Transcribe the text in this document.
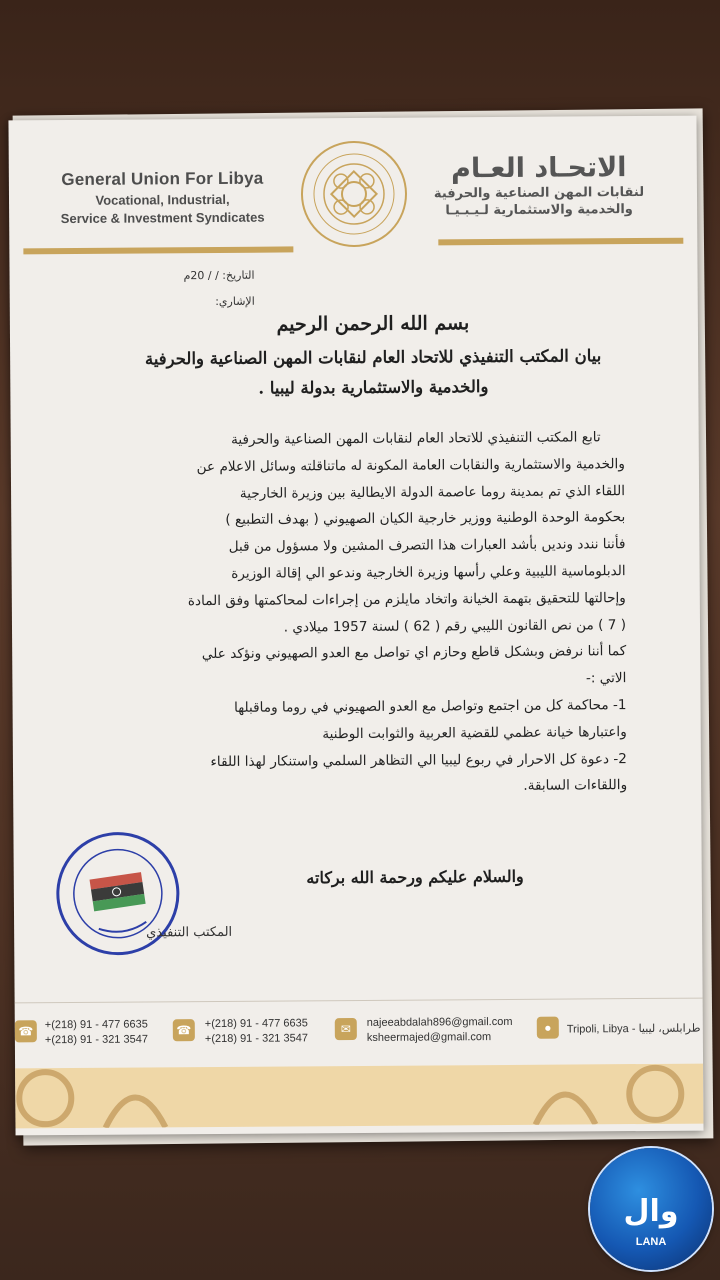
General Union For Libya
Vocational, Industrial,
Service & Investment Syndicates
الاتحـاد العـام
لنقابات المهن الصناعية والحرفية
والخدمية والاستثمارية لـيـبـيـا
التاريخ: / / 20م
الإشاري:
بسم الله الرحمن الرحيم
بيان المكتب التنفيذي للاتحاد العام لنقابات المهن الصناعية والحرفية
والخدمية والاستثمارية بدولة ليبيا .
تابع المكتب التنفيذي للاتحاد العام لنقابات المهن الصناعية والحرفية
والخدمية والاستثمارية والنقابات العامة المكونة له ماتناقلته وسائل الاعلام عن
اللقاء الذي تم بمدينة روما عاصمة الدولة الايطالية بين وزيرة الخارجية
بحكومة الوحدة الوطنية ووزير خارجية الكيان الصهيوني ( بهدف التطبيع )
فأننا نندد ونديں بأشد العبارات هذا التصرف المشين ولا مسؤول من قبل
الدبلوماسية الليبية وعلي رأسها وزيرة الخارجية وندعو الي إقالة الوزيرة
وإحالتها للتحقيق بتهمة الخيانة واتخاد مايلزم من إجراءات لمحاكمتها وفق المادة
( 7 ) من نص القانون الليبي رقم ( 62 ) لسنة 1957 ميلادي .
كما أننا نرفض وبشكل قاطع وحازم اي تواصل مع العدو الصهيوني ونؤكد علي
الاتي :-
1- محاكمة كل من اجتمع وتواصل مع العدو الصهيوني في روما وماقبلها
واعتبارها خيانة عظمي للقضية العربية والثوابت الوطنية
2- دعوة كل الاحرار في ربوع ليبيا الي التظاهر السلمي واستنكار لهذا اللقاء
واللقاءات السابقة.
والسلام عليكم ورحمة الله بركاته
المكتب التنفيذي
☎	+(218) 91 - 477 6635
+(218) 91 - 321 3547
☎	+(218) 91 - 477 6635
+(218) 91 - 321 3547
✉	najeeabdalah896@gmail.com
ksheermajed@gmail.com
●	Tripoli, Libya - طرابلس، ليبيا
وال
LANA
